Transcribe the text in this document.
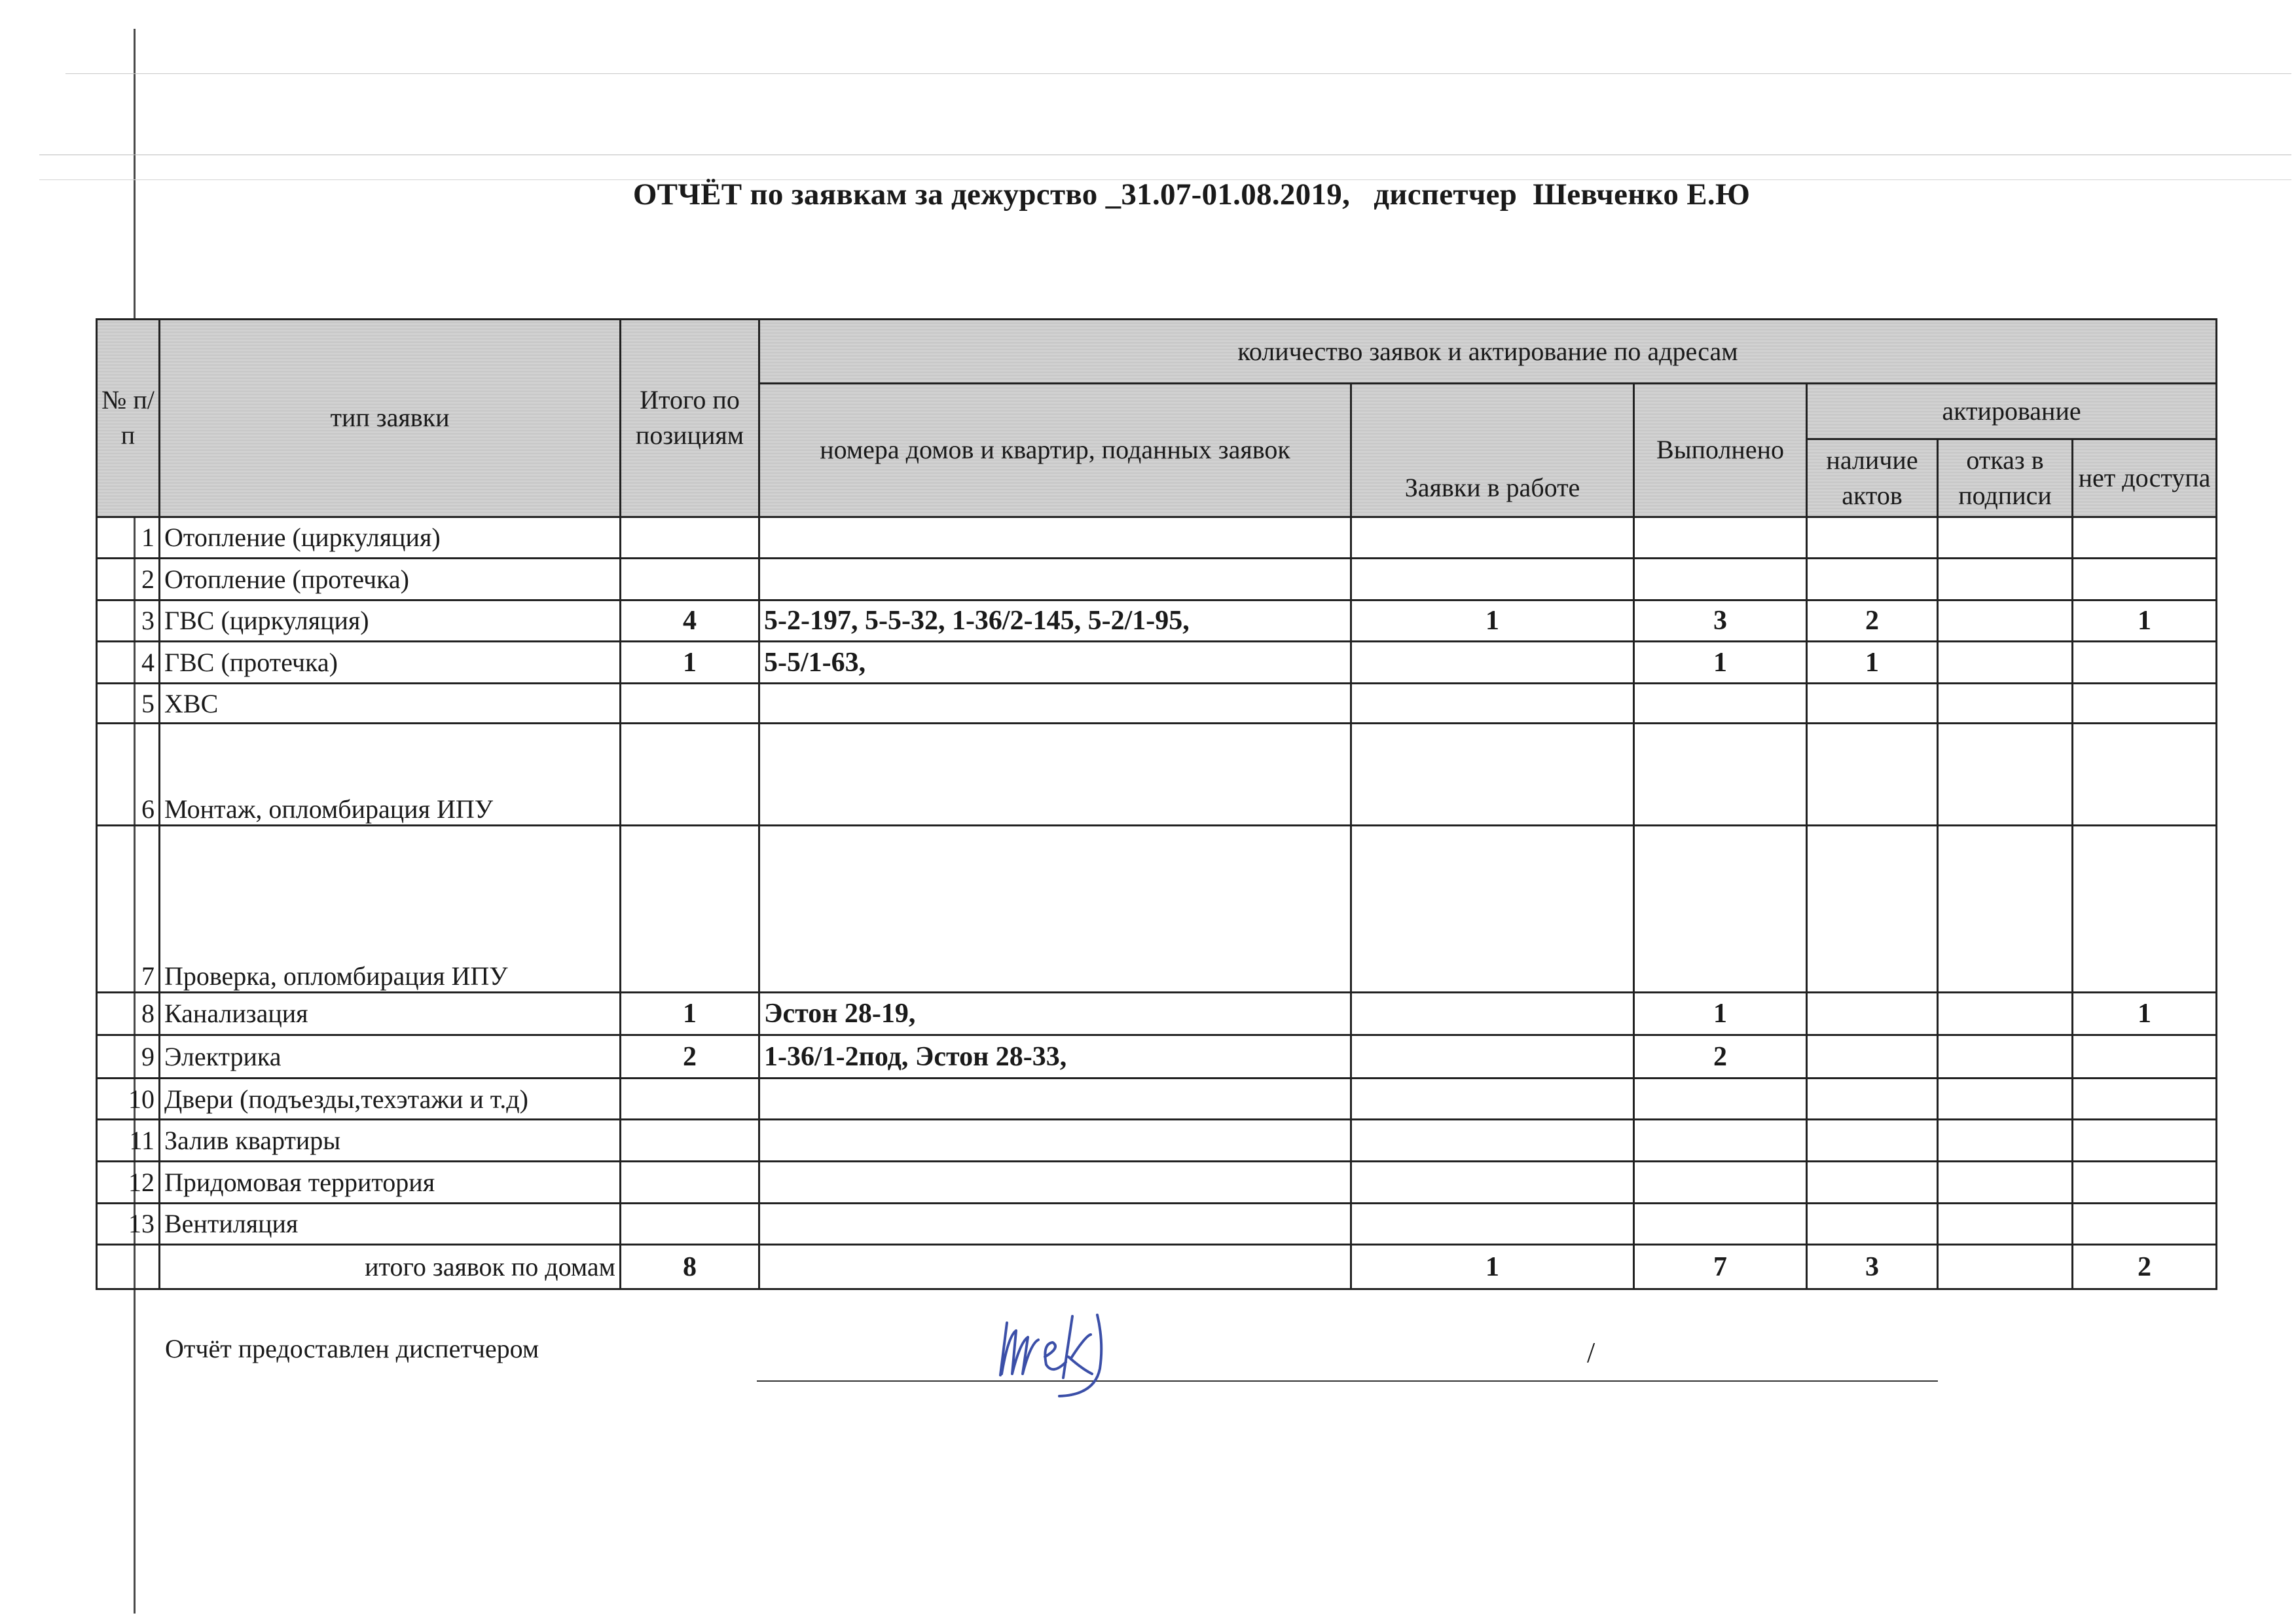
ОТЧЁТ по заявкам за дежурство _31.07-01.08.2019,   диспетчер  Шевченко Е.Ю
№ п/п	тип заявки	Итого по позициям	количество заявок и актирование по адресам					
			номера домов и квартир, поданных заявок	Заявки в работе	Выполнено	актирование		
						наличие актов	отказ в подписи	нет доступа
1	Отопление (циркуляция)							
2	Отопление (протечка)							
3	ГВС (циркуляция)	4	5-2-197, 5-5-32, 1-36/2-145, 5-2/1-95,	1	3	2		1
4	ГВС (протечка)	1	5-5/1-63,		1	1		
5	ХВС							
6	Монтаж, опломбирация ИПУ							
7	Проверка, опломбирация ИПУ							
8	Канализация	1	Эстон 28-19,		1			1
9	Электрика	2	1-36/1-2под, Эстон 28-33,		2			
10	Двери (подъезды,техэтажи и т.д)							
11	Залив квартиры							
12	Придомовая территория							
13	Вентиляция							
	итого заявок по домам	8		1	7	3		2
Отчёт предоставлен диспетчером	/
